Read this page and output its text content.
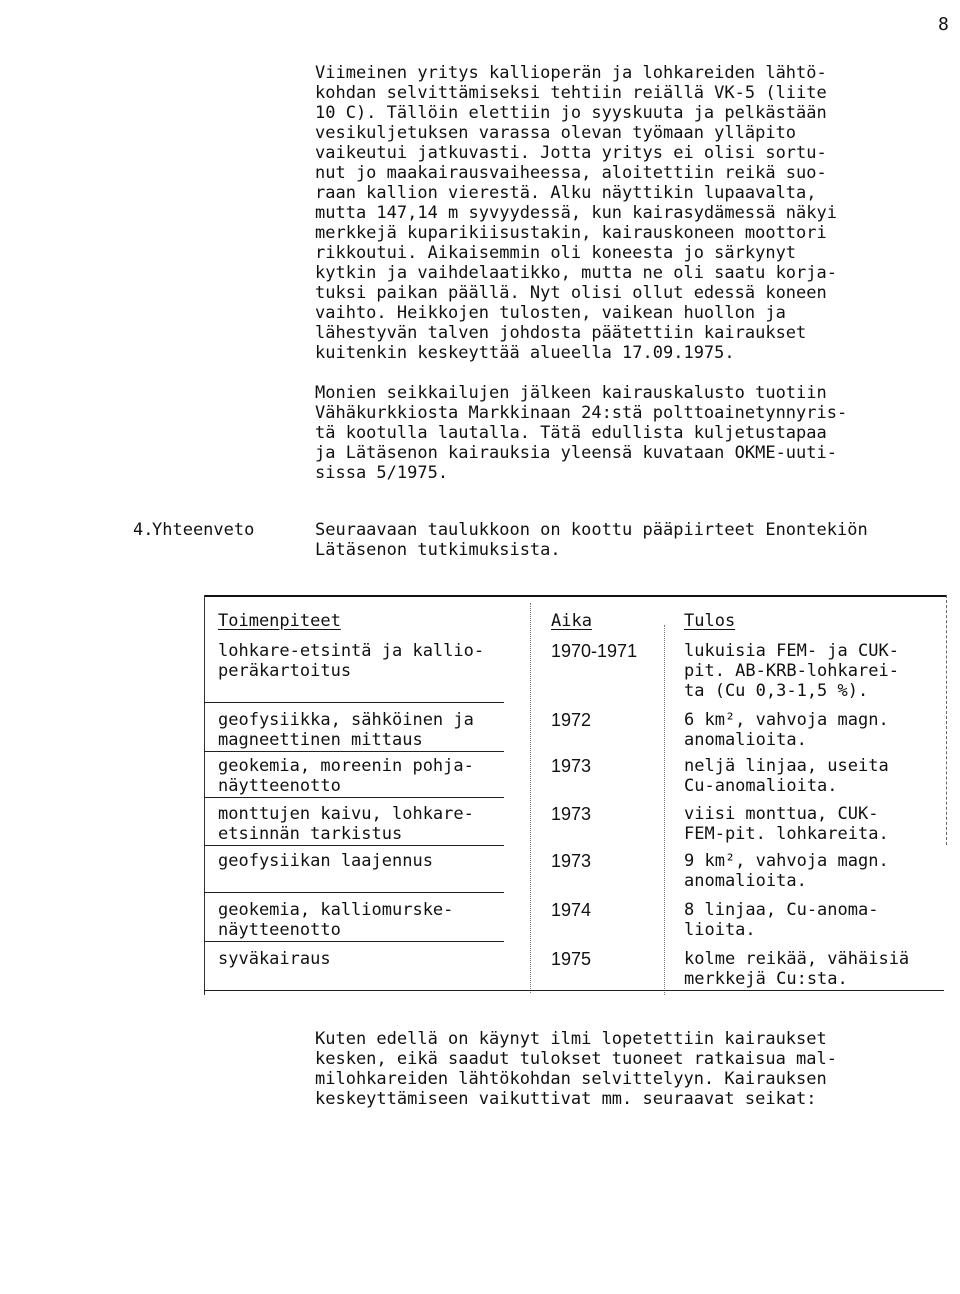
8
Viimeinen yritys kallioperän ja lohkareiden lähtö-
kohdan selvittämiseksi tehtiin reiällä VK-5 (liite
10 C). Tällöin elettiin jo syyskuuta ja pelkästään
vesikuljetuksen varassa olevan työmaan ylläpito
vaikeutui jatkuvasti. Jotta yritys ei olisi sortu-
nut jo maakairausvaiheessa, aloitettiin reikä suo-
raan kallion vierestä. Alku näyttikin lupaavalta,
mutta 147,14 m syvyydessä, kun kairasydämessä näkyi
merkkejä kuparikiisustakin, kairauskoneen moottori
rikkoutui. Aikaisemmin oli koneesta jo särkynyt
kytkin ja vaihdelaatikko, mutta ne oli saatu korja-
tuksi paikan päällä. Nyt olisi ollut edessä koneen
vaihto. Heikkojen tulosten, vaikean huollon ja
lähestyvän talven johdosta päätettiin kairaukset
kuitenkin keskeyttää alueella 17.09.1975.
Monien seikkailujen jälkeen kairauskalusto tuotiin
Vähäkurkkiosta Markkinaan 24:stä polttoainetynnyris-
tä kootulla lautalla. Tätä edullista kuljetustapaa
ja Lätäsenon kairauksia yleensä kuvataan OKME-uuti-
sissa 5/1975.
4.
Yhteenveto	Seuraavaan taulukkoon on koottu pääpiirteet Enontekiön
Lätäsenon tutkimuksista.
Toimenpiteet	Aika	Tulos
lohkare-etsintä ja kallio-
peräkartoitus
1970-1971	lukuisia FEM- ja CUK-
pit. AB-KRB-lohkarei-
ta (Cu 0,3-1,5 %).
geofysiikka, sähköinen ja
magneettinen mittaus
1972	6 km², vahvoja magn.
anomalioita.
geokemia, moreenin pohja-
näytteenotto
1973	neljä linjaa, useita
Cu-anomalioita.
monttujen kaivu, lohkare-
etsinnän tarkistus
1973	viisi monttua, CUK-
FEM-pit. lohkareita.
geofysiikan laajennus	1973	9 km², vahvoja magn.
anomalioita.
geokemia, kalliomurske-
näytteenotto
1974	8 linjaa, Cu-anoma-
lioita.
syväkairaus	1975	kolme reikää, vähäisiä
merkkejä Cu:sta.
Kuten edellä on käynyt ilmi lopetettiin kairaukset
kesken, eikä saadut tulokset tuoneet ratkaisua mal-
milohkareiden lähtökohdan selvittelyyn. Kairauksen
keskeyttämiseen vaikuttivat mm. seuraavat seikat:
